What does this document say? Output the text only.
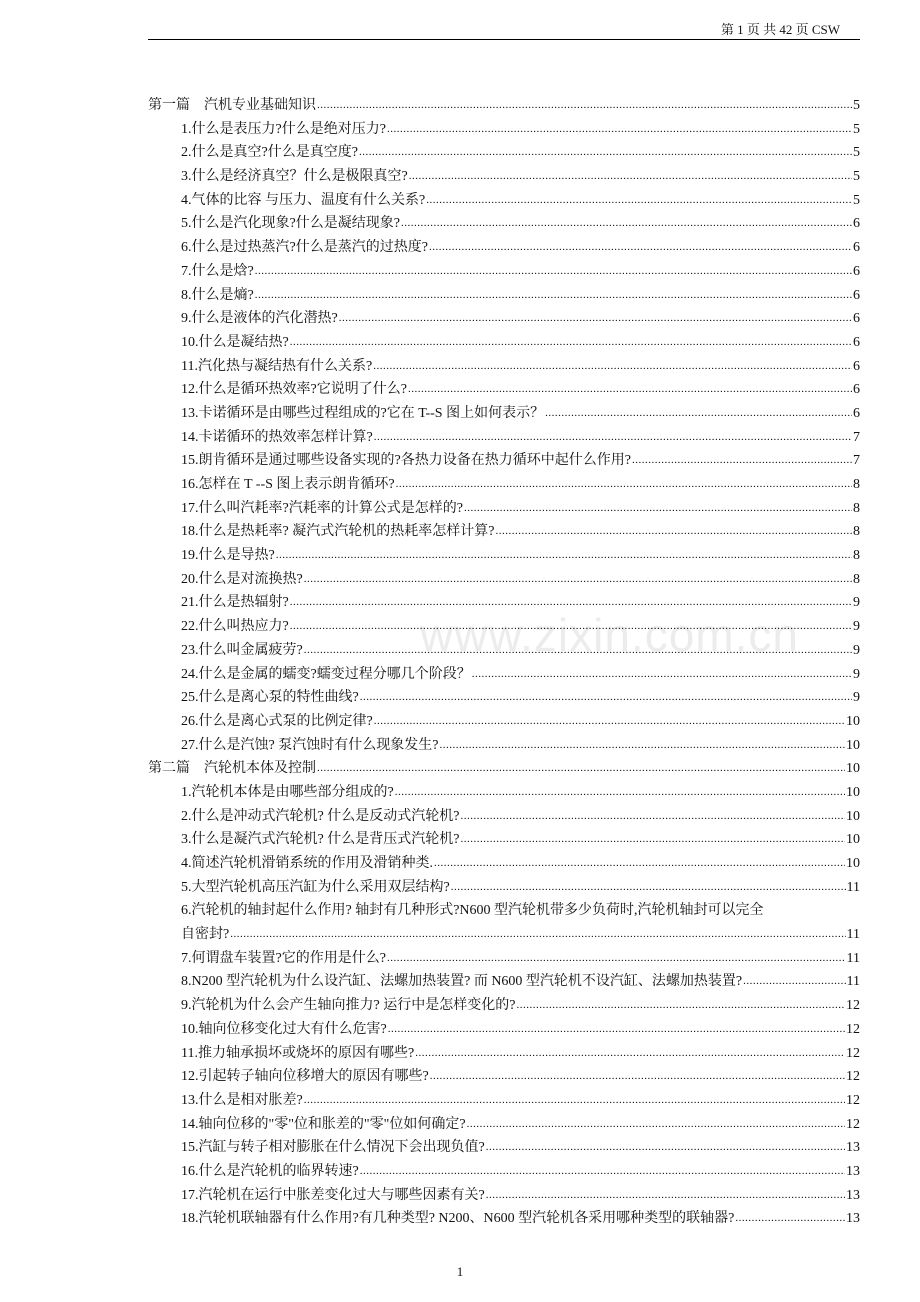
第 1 页 共 42 页 CSW
www.zixin.com.cn
第一篇　汽机专业基础知识 .....	5
1.什么是表压力?什么是绝对压力? .....	5
2.什么是真空?什么是真空度? .....	5
3.什么是经济真空？什么是极限真空? .....	5
4.气体的比容 与压力、温度有什么关系? .....	5
5.什么是汽化现象?什么是凝结现象? .....	6
6.什么是过热蒸汽?什么是蒸汽的过热度? .....	6
7.什么是焓? .....	6
8.什么是熵? .....	6
9.什么是液体的汽化潜热? .....	6
10.什么是凝结热? .....	6
11.汽化热与凝结热有什么关系? .....	6
12.什么是循环热效率?它说明了什么? .....	6
13.卡诺循环是由哪些过程组成的?它在 T--S 图上如何表示？ .....	6
14.卡诺循环的热效率怎样计算? .....	7
15.朗肯循环是通过哪些设备实现的?各热力设备在热力循环中起什么作用? .....	7
16.怎样在 T --S 图上表示朗肯循环? .....	8
17.什么叫汽耗率?汽耗率的计算公式是怎样的? .....	8
18.什么是热耗率? 凝汽式汽轮机的热耗率怎样计算? .....	8
19.什么是导热? .....	8
20.什么是对流换热? .....	8
21.什么是热辐射? .....	9
22.什么叫热应力? .....	9
23.什么叫金属疲劳? .....	9
24.什么是金属的蠕变?蠕变过程分哪几个阶段？ .....	9
25.什么是离心泵的特性曲线? .....	9
26.什么是离心式泵的比例定律? .....	10
27.什么是汽蚀? 泵汽蚀时有什么现象发生? .....	10
第二篇　汽轮机本体及控制 .....	10
1.汽轮机本体是由哪些部分组成的? .....	10
2.什么是冲动式汽轮机? 什么是反动式汽轮机? .....	10
3.什么是凝汽式汽轮机? 什么是背压式汽轮机? .....	10
4.简述汽轮机滑销系统的作用及滑销种类. .....	10
5.大型汽轮机高压汽缸为什么采用双层结构? .....	11
6.汽轮机的轴封起什么作用? 轴封有几种形式?N600 型汽轮机带多少负荷时,汽轮机轴封可以完全
自密封? .....	11
7.何谓盘车装置?它的作用是什么? .....	11
8.N200 型汽轮机为什么设汽缸、法螺加热装置? 而 N600 型汽轮机不设汽缸、法螺加热装置? .....	11
9.汽轮机为什么会产生轴向推力? 运行中是怎样变化的? .....	12
10.轴向位移变化过大有什么危害? .....	12
11.推力轴承损坏或烧坏的原因有哪些? .....	12
12.引起转子轴向位移增大的原因有哪些? .....	12
13.什么是相对胀差? .....	12
14.轴向位移的"零"位和胀差的"零"位如何确定? .....	12
15.汽缸与转子相对膨胀在什么情况下会出现负值? .....	13
16.什么是汽轮机的临界转速? .....	13
17.汽轮机在运行中胀差变化过大与哪些因素有关? .....	13
18.汽轮机联轴器有什么作用?有几种类型? N200、N600 型汽轮机各采用哪种类型的联轴器? .....	13
1
